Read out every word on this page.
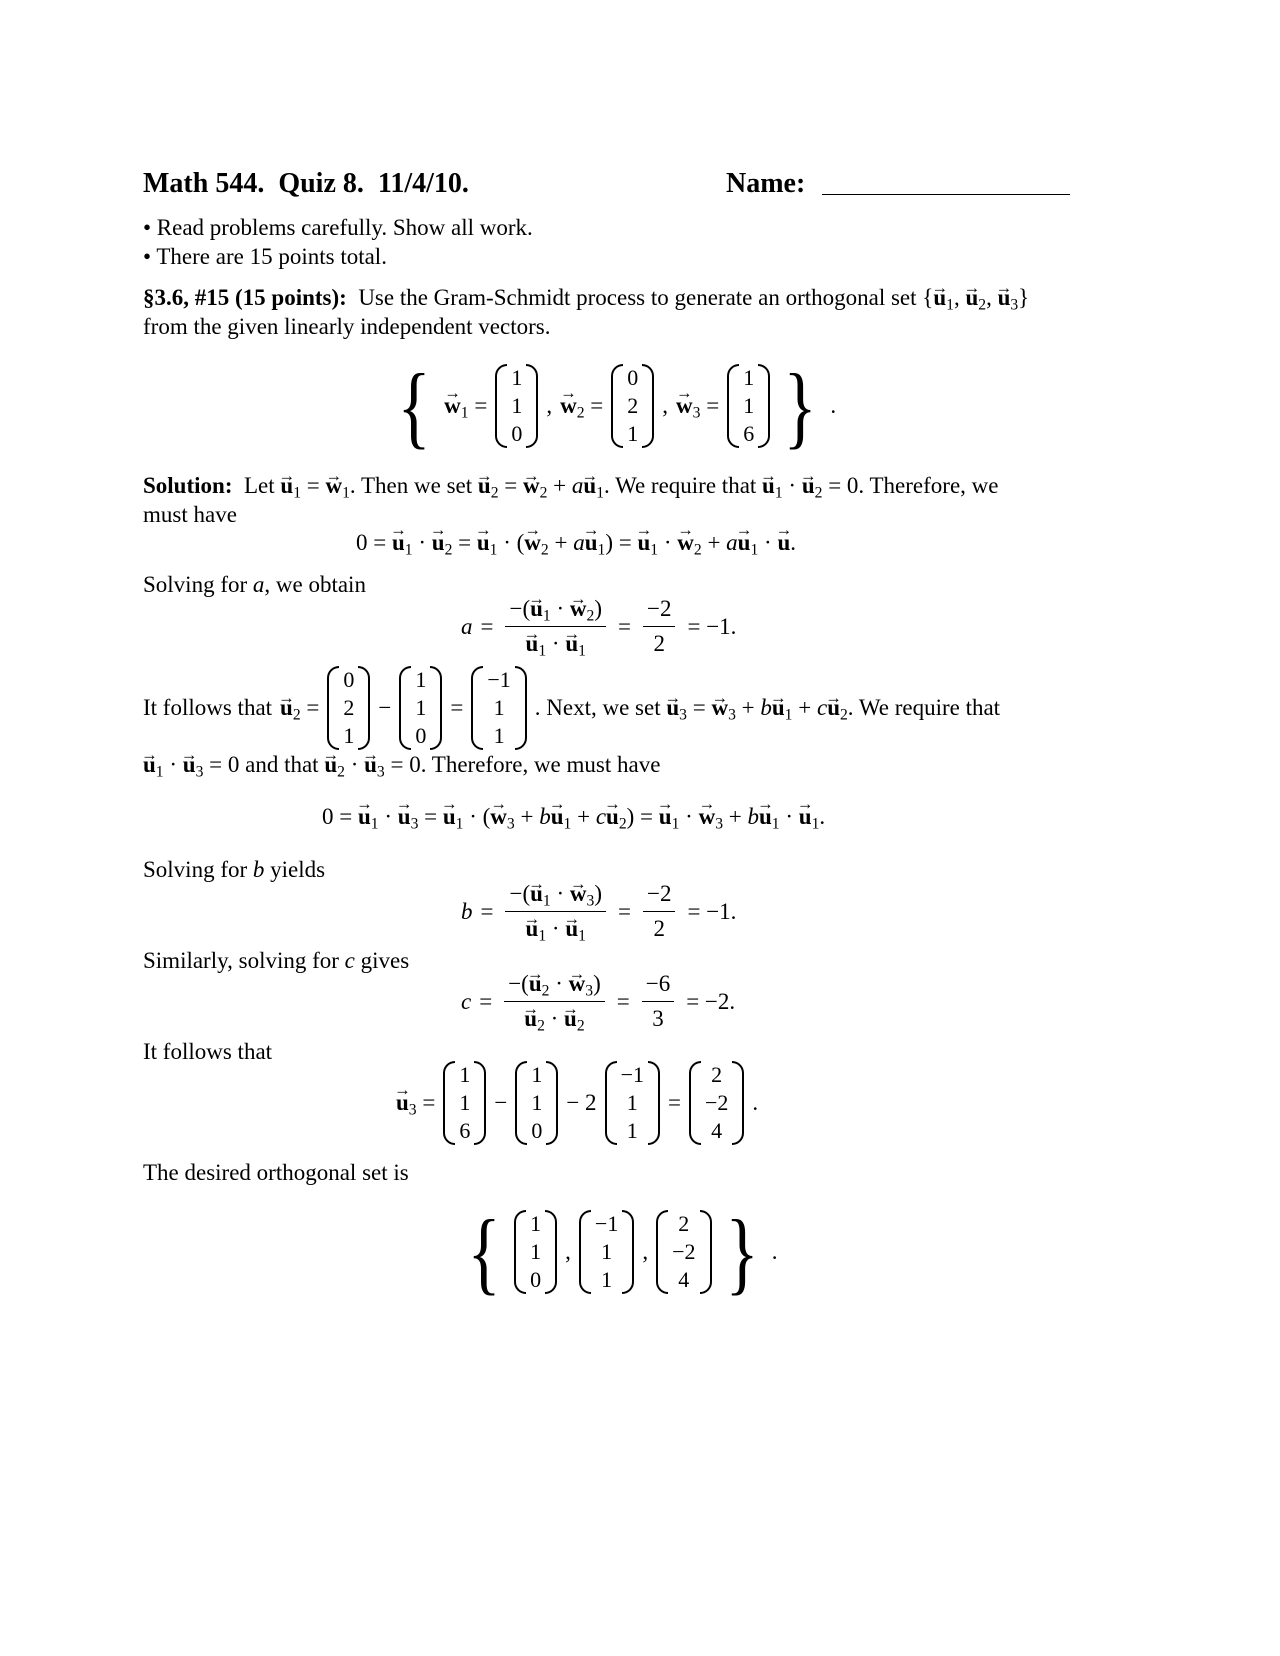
Math 544. Quiz 8. 11/4/10.	Name:
• Read problems carefully. Show all work.
• There are 15 points total.
§3.6, #15 (15 points): Use the Gram-Schmidt process to generate an orthogonal set {→ $u_1$, → $u_2$, → $u_3$}
from the given linearly independent vectors.
{ → $w_1$ =
1
1
0
, → $w_2$ =
0
2
1
, → $w_3$ =
1
1
6 } .
Solution: Let → $u_1$ = → $w_1$. Then we set → $u_2$ = → $w_2 + a\to u_1$. We require that → $u_1$ · → $u_2 = 0$. Therefore, we
must have
0 = → $u_1$ · → $u_2$ = → $u_1$ · (→ $w_2 + a\to u_1$) = → $u_1$ · → $w_2 + a\to u_1$ · → u.
Solving for a, we obtain
a = −(→ $u_1$ · → $w_2$)
→ $u_1$ · → $u_1 = \frac{-2}{2} = -1$.
It follows that → $u_2$ =
0
2
1
−
1
1
0
=
−1
1
1
. Next, we set → $u_3$ = → $w_3 + b\to u_1 + c\to u_2$. We require that
→ $u_1$ · → $u_3 = 0$ and that → $u_2$ · → $u_3 = 0$. Therefore, we must have
0 = → $u_1$ · → $u_3$ = → $u_1$ · (→ $w_3 + b\to u_1 + c\to u_2$) = → $u_1$ · → $w_3 + b\to u_1$ · → $u_1$.
Solving for b yields
b = −(→ $u_1$ · → $w_3$)
→ $u_1$ · → $u_1 = \frac{-2}{2} = -1$.
Similarly, solving for c gives
c = −(→ $u_2$ · → $w_3$)
→ $u_2$ · → $u_2 = \frac{-6}{3} = -2$.
It follows that
→ $u_3$ =
1
1
6
−
1
1
0
− 2
−1
1
1
=
2
−2
4
.
The desired orthogonal set is
{ 1
1
0
,
−1
1
1
,
2
−2
4 } .
